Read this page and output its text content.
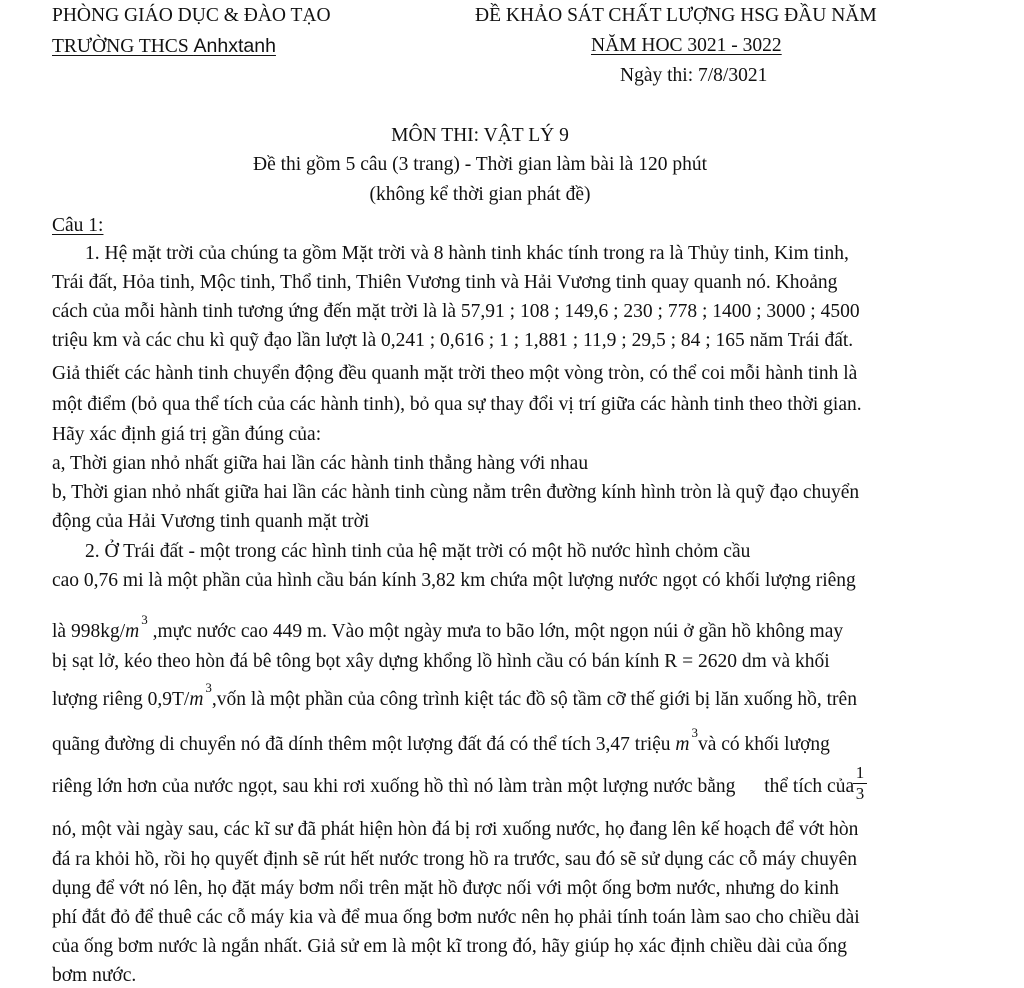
PHÒNG GIÁO DỤC & ĐÀO TẠO
TRƯỜNG THCS Anhxtanh
ĐỀ KHẢO SÁT CHẤT LƯỢNG HSG ĐẦU NĂM
NĂM HOC 3021 - 3022
Ngày thi: 7/8/3021
MÔN THI: VẬT LÝ 9
Đề thi gồm 5 câu (3 trang) - Thời gian làm bài là 120 phút
(không kể thời gian phát đề)
Câu 1:
1. Hệ mặt trời của chúng ta gồm Mặt trời và 8 hành tinh khác tính trong ra là Thủy tinh, Kim tinh,
Trái đất, Hỏa tinh, Mộc tinh, Thổ tinh, Thiên Vương tinh và Hải Vương tinh quay quanh nó. Khoảng
cách của mỗi hành tinh tương ứng đến mặt trời là là 57,91 ; 108 ; 149,6 ; 230 ; 778 ; 1400 ; 3000 ; 4500
triệu km và các chu kì quỹ đạo lần lượt là 0,241 ; 0,616 ; 1 ; 1,881 ; 11,9 ; 29,5 ; 84 ; 165 năm Trái đất.
Giả thiết các hành tinh chuyển động đều quanh mặt trời theo một vòng tròn, có thể coi mỗi hành tinh là
một điểm (bỏ qua thể tích của các hành tinh), bỏ qua sự thay đổi vị trí giữa các hành tinh theo thời gian.
Hãy xác định giá trị gần đúng của:
a, Thời gian nhỏ nhất giữa hai lần các hành tinh thẳng hàng với nhau
b, Thời gian nhỏ nhất giữa hai lần các hành tinh cùng nằm trên đường kính hình tròn là quỹ đạo chuyển
động của Hải Vương tinh quanh mặt trời
2. Ở Trái đất - một trong các hình tinh của hệ mặt trời có một hồ nước hình chỏm cầu
cao 0,76 mi là một phần của hình cầu bán kính 3,82 km chứa một lượng nước ngọt có khối lượng riêng
là $998kg/m^3$ ,mực nước cao 449 m. Vào một ngày mưa to bão lớn, một ngọn núi ở gần hồ không may
bị sạt lở, kéo theo hòn đá bê tông bọt xây dựng khổng lồ hình cầu có bán kính R = 2620 dm và khối
lượng riêng $0,9T/m^3,vốn$ là một phần của công trình kiệt tác đồ sộ tầm cỡ thế giới bị lăn xuống hồ, trên
quãng đường di chuyển nó đã dính thêm một lượng đất đá có thể tích 3,47 triệu $m^3và$ có khối lượng
riêng lớn hơn của nước ngọt, sau khi rơi xuống hồ thì nó làm tràn một lượng nước bằng thể tích của
1
3
nó, một vài ngày sau, các kĩ sư đã phát hiện hòn đá bị rơi xuống nước, họ đang lên kế hoạch để vớt hòn
đá ra khỏi hồ, rồi họ quyết định sẽ rút hết nước trong hồ ra trước, sau đó sẽ sử dụng các cỗ máy chuyên
dụng để vớt nó lên, họ đặt máy bơm nổi trên mặt hồ được nối với một ống bơm nước, nhưng do kinh
phí đắt đỏ để thuê các cỗ máy kia và để mua ống bơm nước nên họ phải tính toán làm sao cho chiều dài
của ống bơm nước là ngắn nhất. Giả sử em là một kĩ trong đó, hãy giúp họ xác định chiều dài của ống
bơm nước.
